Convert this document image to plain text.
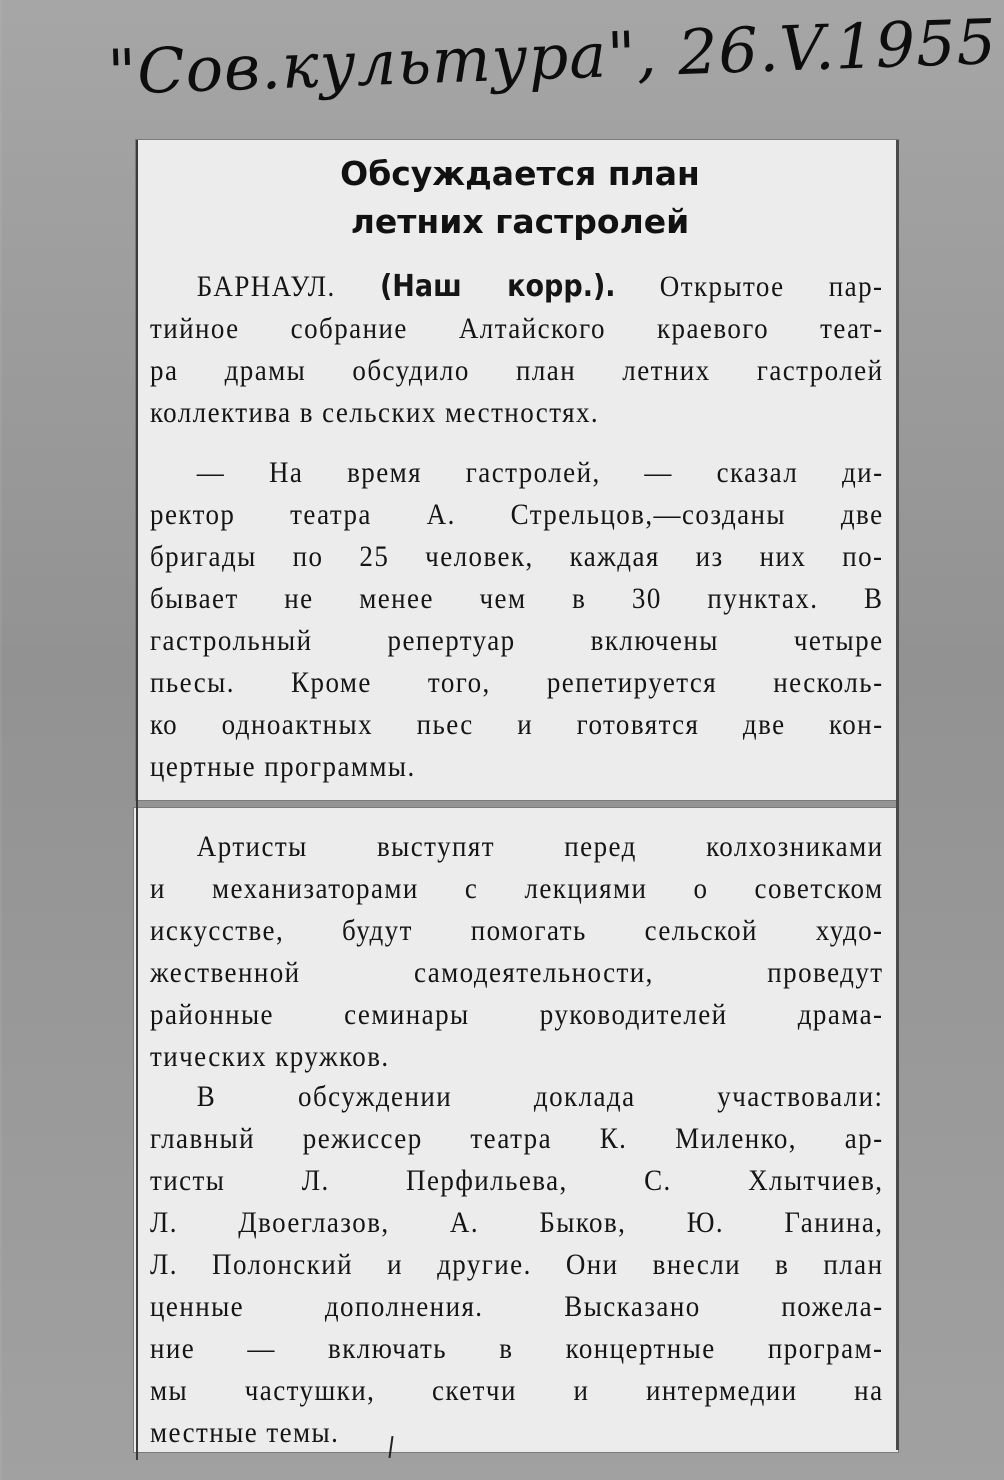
"Сов.культура", 26.V.1955
Обсуждается план
летних гастролей

БАРНАУЛ. (Наш корр.). Открытое пар-
тийное собрание Алтайского краевого теат-
ра драмы обсудило план летних гастролей
коллектива в сельских местностях.

— На время гастролей, — сказал ди-
ректор театра А. Стрельцов,—созданы две
бригады по 25 человек, каждая из них по-
бывает не менее чем в 30 пунктах. В
гастрольный репертуар включены четыре
пьесы. Кроме того, репетируется несколь-
ко одноактных пьес и готовятся две кон-
цертные программы.

Артисты выступят перед колхозниками
и механизаторами с лекциями о советском
искусстве, будут помогать сельской худо-
жественной самодеятельности, проведут
районные семинары руководителей драма-
тических кружков.

В обсуждении доклада участвовали:
главный режиссер театра К. Миленко, ар-
тисты Л. Перфильева, С. Хлытчиев,
Л. Двоеглазов, А. Быков, Ю. Ганина,
Л. Полонский и другие. Они внесли в план
ценные дополнения. Высказано пожела-
ние — включать в концертные програм-
мы частушки, скетчи и интермедии на
местные темы.
